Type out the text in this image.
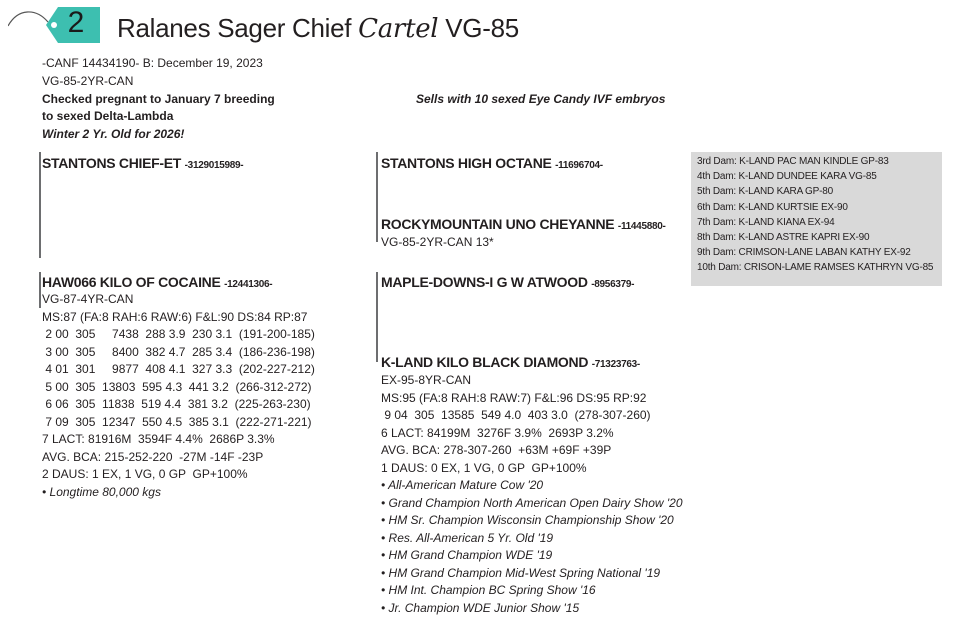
2 Ralanes Sager Chief Cartel VG-85
-CANF 14434190- B: December 19, 2023
VG-85-2YR-CAN
Checked pregnant to January 7 breeding
to sexed Delta-Lambda
Winter 2 Yr. Old for 2026!
Sells with 10 sexed Eye Candy IVF embryos
STANTONS CHIEF-ET -3129015989-	STANTONS HIGH OCTANE -11696704-
ROCKYMOUNTAIN UNO CHEYANNE -11445880-
VG-85-2YR-CAN 13*
HAW066 KILO OF COCAINE -12441306-
VG-87-4YR-CAN
MS:87 (FA:8 RAH:6 RAW:6) F&L:90 DS:84 RP:87
2 00  305     7438  288 3.9  230 3.1  (191-200-185)
3 00  305     8400  382 4.7  285 3.4  (186-236-198)
4 01  301     9877  408 4.1  327 3.3  (202-227-212)
5 00  305  13803  595 4.3  441 3.2  (266-312-272)
6 06  305  11838  519 4.4  381 3.2  (225-263-230)
7 09  305  12347  550 4.5  385 3.1  (222-271-221)
7 LACT: 81916M  3594F 4.4%  2686P 3.3%
AVG. BCA: 215-252-220  -27M -14F -23P
2 DAUS: 1 EX, 1 VG, 0 GP  GP+100%
• Longtime 80,000 kgs
MAPLE-DOWNS-I G W ATWOOD -8956379-
K-LAND KILO BLACK DIAMOND -71323763-
EX-95-8YR-CAN
MS:95 (FA:8 RAH:8 RAW:7) F&L:96 DS:95 RP:92
9 04  305  13585  549 4.0  403 3.0  (278-307-260)
6 LACT: 84199M  3276F 3.9%  2693P 3.2%
AVG. BCA: 278-307-260  +63M +69F +39P
1 DAUS: 0 EX, 1 VG, 0 GP  GP+100%
• All-American Mature Cow '20
• Grand Champion North American Open Dairy Show '20
• HM Sr. Champion Wisconsin Championship Show '20
• Res. All-American 5 Yr. Old '19
• HM Grand Champion WDE '19
• HM Grand Champion Mid-West Spring National '19
• HM Int. Champion BC Spring Show '16
• Jr. Champion WDE Junior Show '15
3rd Dam: K-LAND PAC MAN KINDLE GP-83
4th Dam: K-LAND DUNDEE KARA VG-85
5th Dam: K-LAND KARA GP-80
6th Dam: K-LAND KURTSIE EX-90
7th Dam: K-LAND KIANA EX-94
8th Dam: K-LAND ASTRE KAPRI EX-90
9th Dam: CRIMSON-LANE LABAN KATHY EX-92
10th Dam: CRISON-LAME RAMSES KATHRYN VG-85
